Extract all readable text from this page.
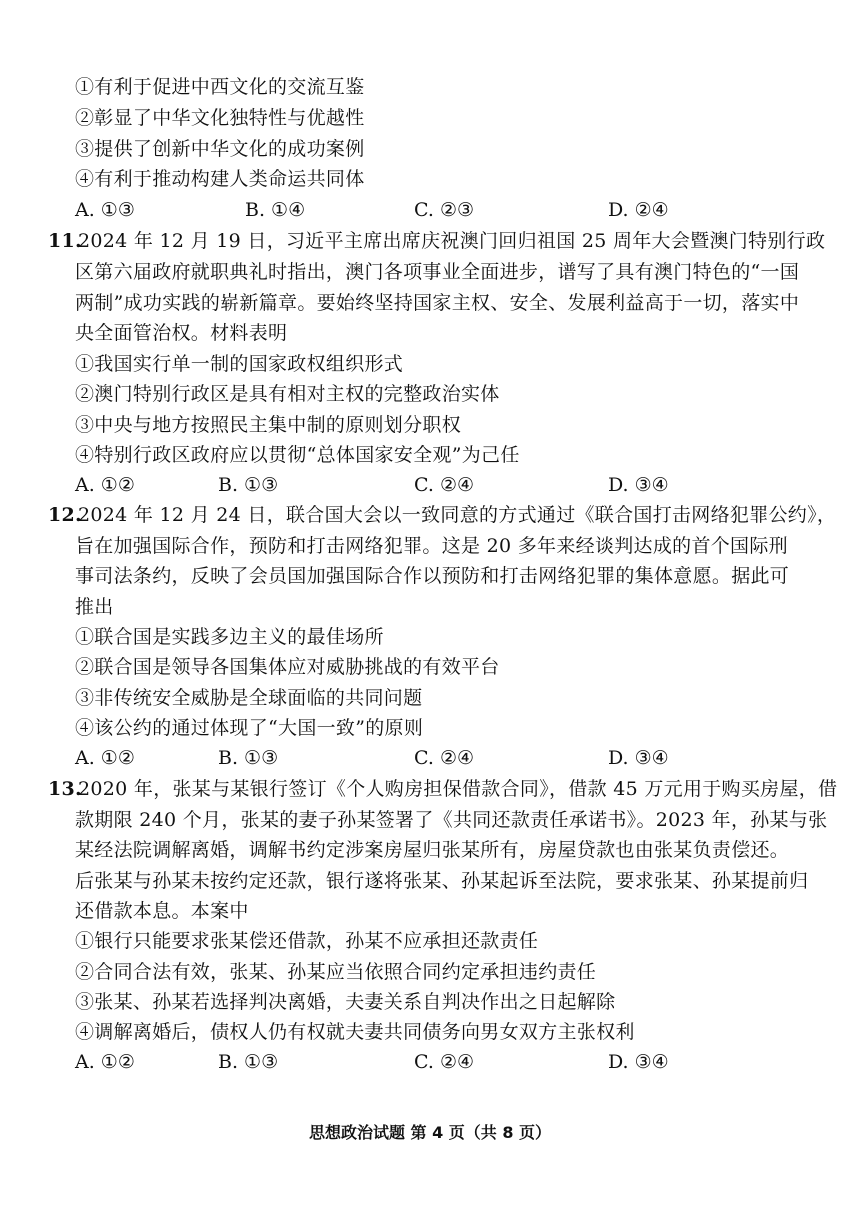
①有利于促进中西文化的交流互鉴
②彰显了中华文化独特性与优越性
③提供了创新中华文化的成功案例
④有利于推动构建人类命运共同体
A. ①③	B. ①④	C. ②③	D. ②④
11.
2024 年 12 月 19 日，习近平主席出席庆祝澳门回归祖国 25 周年大会暨澳门特别行政
区第六届政府就职典礼时指出，澳门各项事业全面进步，谱写了具有澳门特色的“一国
两制”成功实践的崭新篇章。要始终坚持国家主权、安全、发展利益高于一切，落实中
央全面管治权。材料表明
①我国实行单一制的国家政权组织形式
②澳门特别行政区是具有相对主权的完整政治实体
③中央与地方按照民主集中制的原则划分职权
④特别行政区政府应以贯彻“总体国家安全观”为己任
A. ①②	B. ①③	C. ②④	D. ③④
12.
2024 年 12 月 24 日，联合国大会以一致同意的方式通过《联合国打击网络犯罪公约》，
旨在加强国际合作，预防和打击网络犯罪。这是 20 多年来经谈判达成的首个国际刑
事司法条约，反映了会员国加强国际合作以预防和打击网络犯罪的集体意愿。据此可
推出
①联合国是实践多边主义的最佳场所
②联合国是领导各国集体应对威胁挑战的有效平台
③非传统安全威胁是全球面临的共同问题
④该公约的通过体现了“大国一致”的原则
A. ①②	B. ①③	C. ②④	D. ③④
13.
2020 年，张某与某银行签订《个人购房担保借款合同》，借款 45 万元用于购买房屋，借
款期限 240 个月，张某的妻子孙某签署了《共同还款责任承诺书》。2023 年，孙某与张
某经法院调解离婚，调解书约定涉案房屋归张某所有，房屋贷款也由张某负责偿还。
后张某与孙某未按约定还款，银行遂将张某、孙某起诉至法院，要求张某、孙某提前归
还借款本息。本案中
①银行只能要求张某偿还借款，孙某不应承担还款责任
②合同合法有效，张某、孙某应当依照合同约定承担违约责任
③张某、孙某若选择判决离婚，夫妻关系自判决作出之日起解除
④调解离婚后，债权人仍有权就夫妻共同债务向男女双方主张权利
A. ①②	B. ①③	C. ②④	D. ③④
思想政治试题 第 4 页（共 8 页）
